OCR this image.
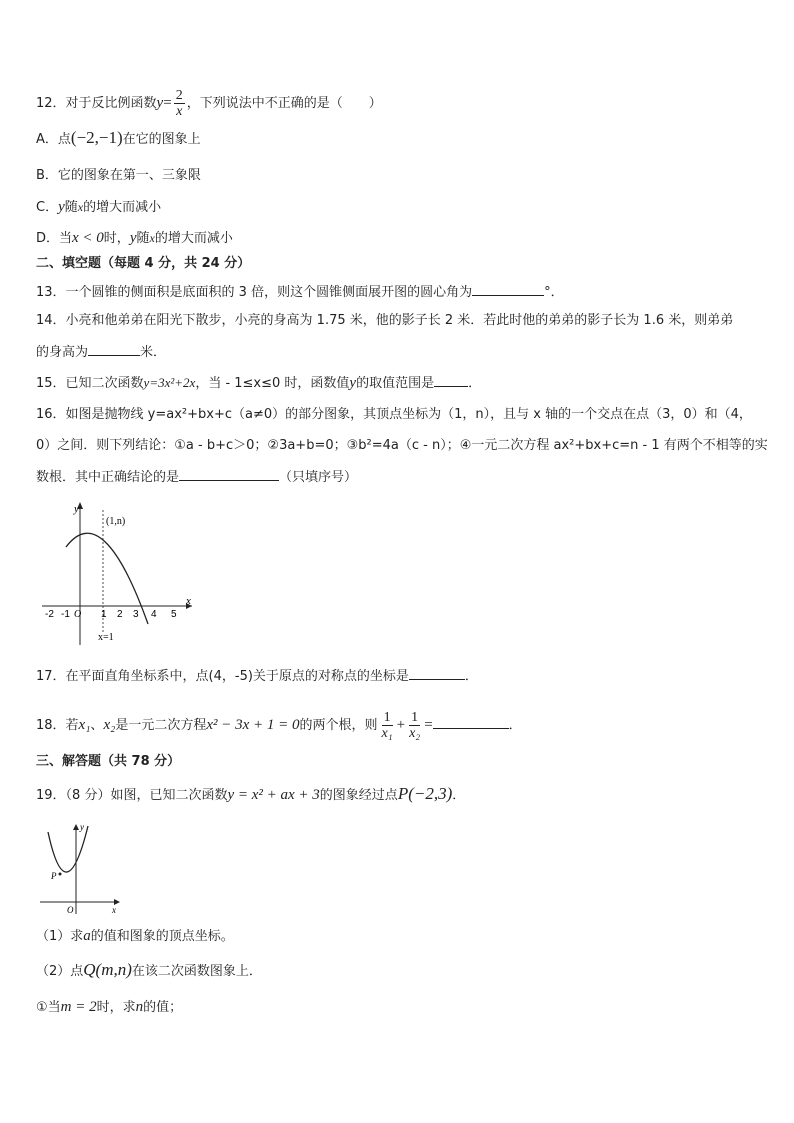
12．对于反比例函数$y= \frac{2}{x}$ ，下列说法中不正确的是（　　）
A．点(−2,−1)在它的图象上
B．它的图象在第一、三象限
C．y随x的增大而减小
D．当x < 0时，y随x的增大而减小
二、填空题（每题 4 分，共 24 分）
13．一个圆锥的侧面积是底面积的 3 倍，则这个圆锥侧面展开图的圆心角为	°．
14．小亮和他弟弟在阳光下散步，小亮的身高为 1.75 米，他的影子长 2 米．若此时他的弟弟的影子长为 1.6 米，则弟弟
的身高为	米．
15．已知二次函数y=3x²+2x，当 - 1≤x≤0 时，函数值y的取值范围是	．
16．如图是抛物线 y=ax²+bx+c（a≠0）的部分图象，其顶点坐标为（1，n），且与 x 轴的一个交点在点（3，0）和（4，
0）之间．则下列结论：①a - b+c＞0；②3a+b=0；③b²=4a（c - n）；④一元二次方程 ax²+bx+c=n - 1 有两个不相等的实
数根．其中正确结论的是	（只填序号）
y
x
(1,n)
x=1
O
-2 -1	1 2 3 4 5
17．在平面直角坐标系中，点(4，-5)关于原点的对称点的坐标是	．
18．若x₁、x₂是一元二次方程x² − 3x + 1 = 0的两个根，则 $\frac{1}{\text{x₁}} + \frac{1}{\text{x₂}}$ =	．
三、解答题（共 78 分）
19．（8 分）如图，已知二次函数y = x² + ax + 3的图象经过点P(−2,3)．
P
y
x
O
（1）求a的值和图象的顶点坐标。
（2）点Q(m,n)在该二次函数图象上．
①当m = 2时，求n的值；
